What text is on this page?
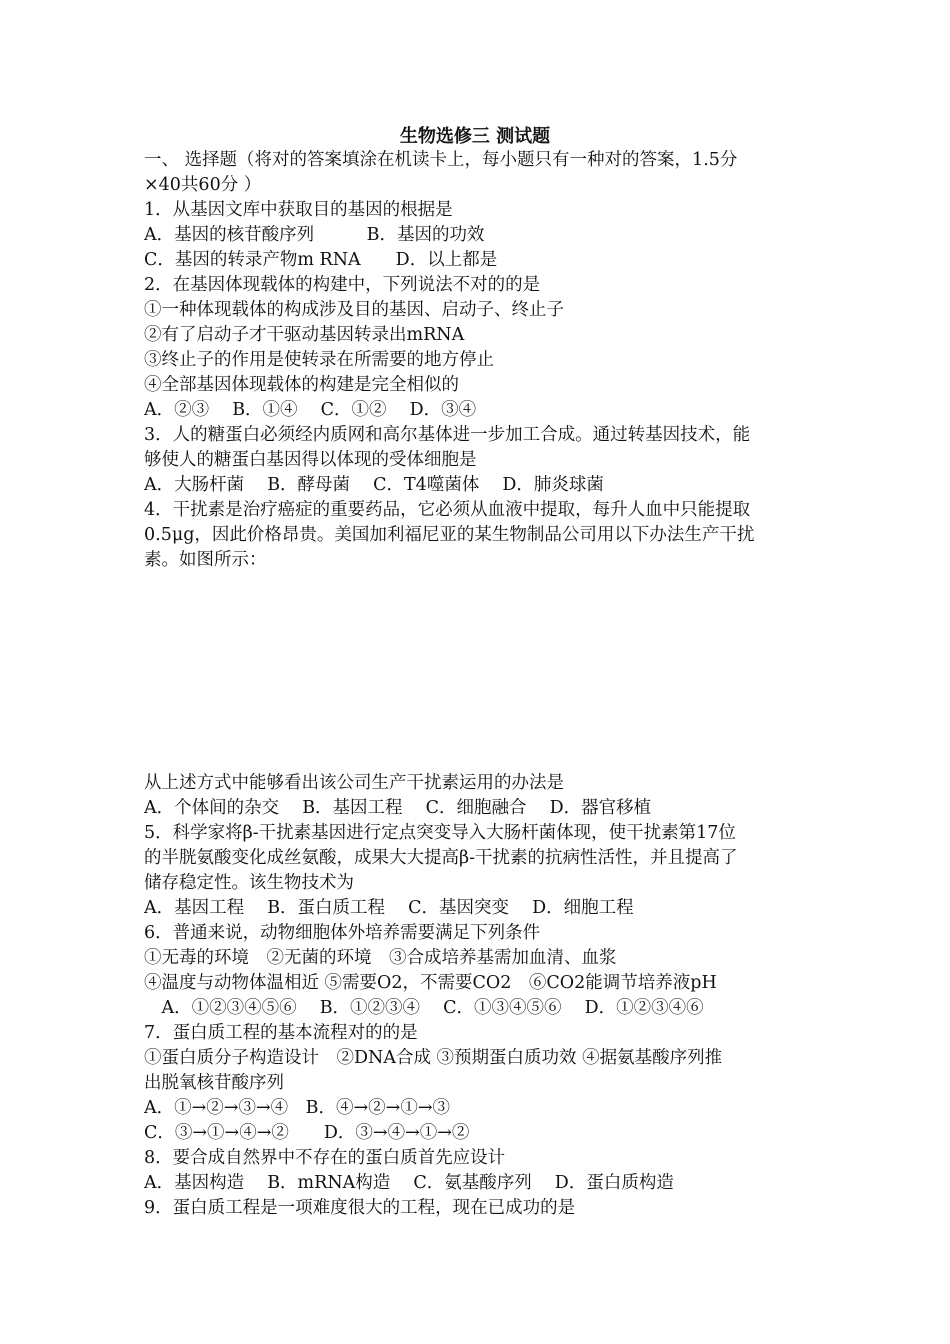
生物选修三 测试题
一、 选择题（将对的答案填涂在机读卡上，每小题只有一种对的答案，1.5分
×40共60分 ）
1．从基因文库中获取目的基因的根据是
A．基因的核苷酸序列　　　B．基因的功效
C．基因的转录产物m RNA　　D．以上都是
2．在基因体现载体的构建中，下列说法不对的的是
①一种体现载体的构成涉及目的基因、启动子、终止子
②有了启动子才干驱动基因转录出mRNA
③终止子的作用是使转录在所需要的地方停止
④全部基因体现载体的构建是完全相似的
A．②③　 B．①④　 C．①②　 D．③④
3．人的糖蛋白必须经内质网和高尔基体进一步加工合成。通过转基因技术，能
够使人的糖蛋白基因得以体现的受体细胞是
A．大肠杆菌　 B．酵母菌　 C．T4噬菌体　 D．肺炎球菌
4．干扰素是治疗癌症的重要药品，它必须从血液中提取，每升人血中只能提取
0.5μg，因此价格昂贵。美国加利福尼亚的某生物制品公司用以下办法生产干扰
素。如图所示：
从上述方式中能够看出该公司生产干扰素运用的办法是
A．个体间的杂交　 B．基因工程　 C．细胞融合　 D．器官移植
5．科学家将β-干扰素基因进行定点突变导入大肠杆菌体现，使干扰素第17位
的半胱氨酸变化成丝氨酸，成果大大提高β-干扰素的抗病性活性，并且提高了
储存稳定性。该生物技术为
A．基因工程　 B．蛋白质工程　 C．基因突变　 D．细胞工程
6．普通来说，动物细胞体外培养需要满足下列条件
①无毒的环境　②无菌的环境　③合成培养基需加血清、血浆
④温度与动物体温相近 ⑤需要O2，不需要CO2　⑥CO2能调节培养液pH
　A．①②③④⑤⑥　 B．①②③④　 C．①③④⑤⑥　 D．①②③④⑥
7．蛋白质工程的基本流程对的的是
①蛋白质分子构造设计　②DNA合成 ③预期蛋白质功效 ④据氨基酸序列推
出脱氧核苷酸序列
A．①→②→③→④　B．④→②→①→③
C．③→①→④→②　　D．③→④→①→②
8．要合成自然界中不存在的蛋白质首先应设计
A．基因构造　 B．mRNA构造　 C．氨基酸序列　 D．蛋白质构造
9．蛋白质工程是一项难度很大的工程，现在已成功的是
